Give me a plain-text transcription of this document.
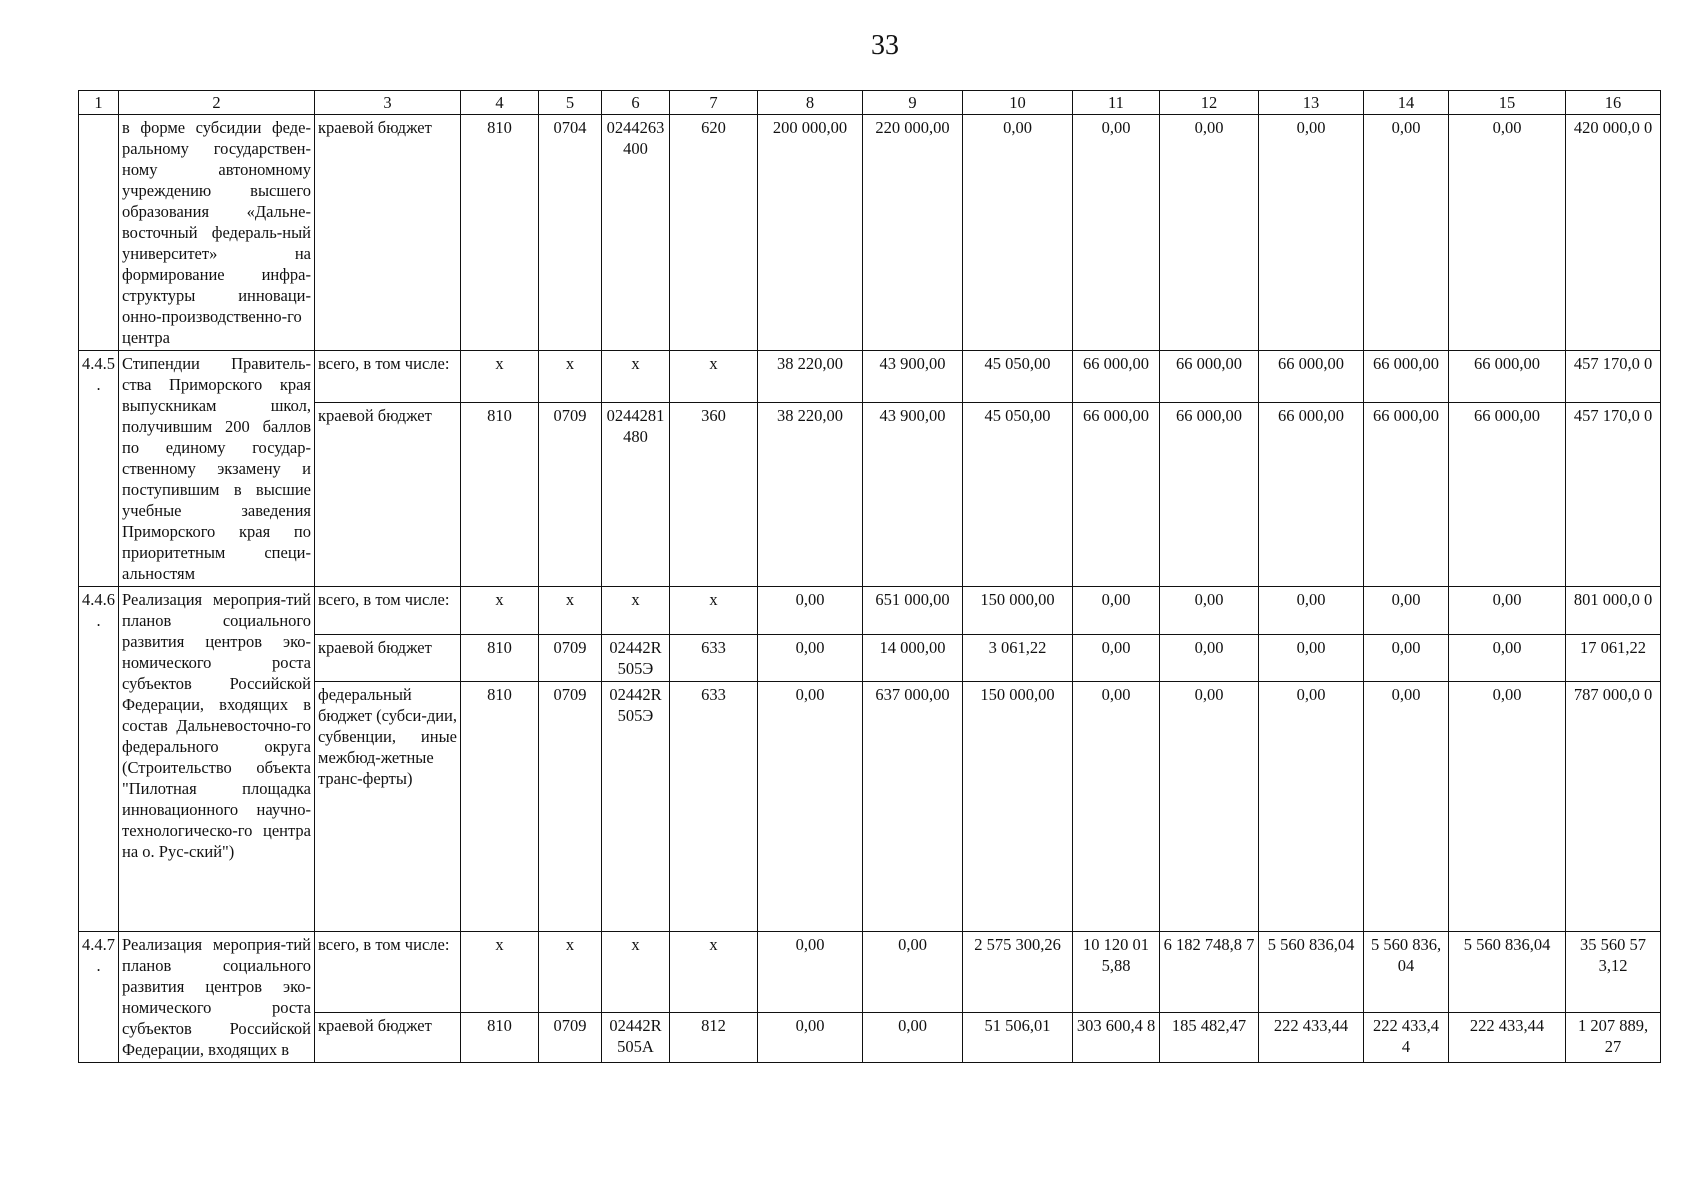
33
1	2	3	4	5	6	7	8	9	10	11	12	13	14	15	16
	в форме субсидии феде-ральному государствен-ному автономному учреждению высшего образования «Дальне-восточный федераль-ный университет» на формирование инфра-структуры инноваци-онно-производственно-го центра	краевой бюджет	810	0704	0244263 400	620	200 000,00	220 000,00	0,00	0,00	0,00	0,00	0,00	0,00	420 000,0 0
4.4.5 .	Стипендии Правитель-ства Приморского края выпускникам школ, получившим 200 баллов по единому государ-ственному экзамену и поступившим в высшие учебные заведения Приморского края по приоритетным специ-альностям	всего, в том числе:	х	х	х	х	38 220,00	43 900,00	45 050,00	66 000,00	66 000,00	66 000,00	66 000,00	66 000,00	457 170,0 0
		краевой бюджет	810	0709	0244281 480	360	38 220,00	43 900,00	45 050,00	66 000,00	66 000,00	66 000,00	66 000,00	66 000,00	457 170,0 0
4.4.6 .	Реализация мероприя-тий планов социального развития центров эко-номического роста субъектов Российской Федерации, входящих в состав Дальневосточно-го федерального округа (Строительство объекта "Пилотная площадка инновационного научно-технологическо-го центра на о. Рус-ский")	всего, в том числе:	х	х	х	х	0,00	651 000,00	150 000,00	0,00	0,00	0,00	0,00	0,00	801 000,0 0
		краевой бюджет	810	0709	02442R 505Э	633	0,00	14 000,00	3 061,22	0,00	0,00	0,00	0,00	0,00	17 061,22
		федеральный бюджет (субси-дии, субвенции, иные межбюд-жетные транс-ферты)	810	0709	02442R 505Э	633	0,00	637 000,00	150 000,00	0,00	0,00	0,00	0,00	0,00	787 000,0 0
4.4.7 .	Реализация мероприя-тий планов социального развития центров эко-номического роста субъектов Российской Федерации, входящих в	всего, в том числе:	х	х	х	х	0,00	0,00	2 575 300,26	10 120 01 5,88	6 182 748,8 7	5 560 836,04	5 560 836, 04	5 560 836,04	35 560 57 3,12
		краевой бюджет	810	0709	02442R 505А	812	0,00	0,00	51 506,01	303 600,4 8	185 482,47	222 433,44	222 433,4 4	222 433,44	1 207 889, 27
